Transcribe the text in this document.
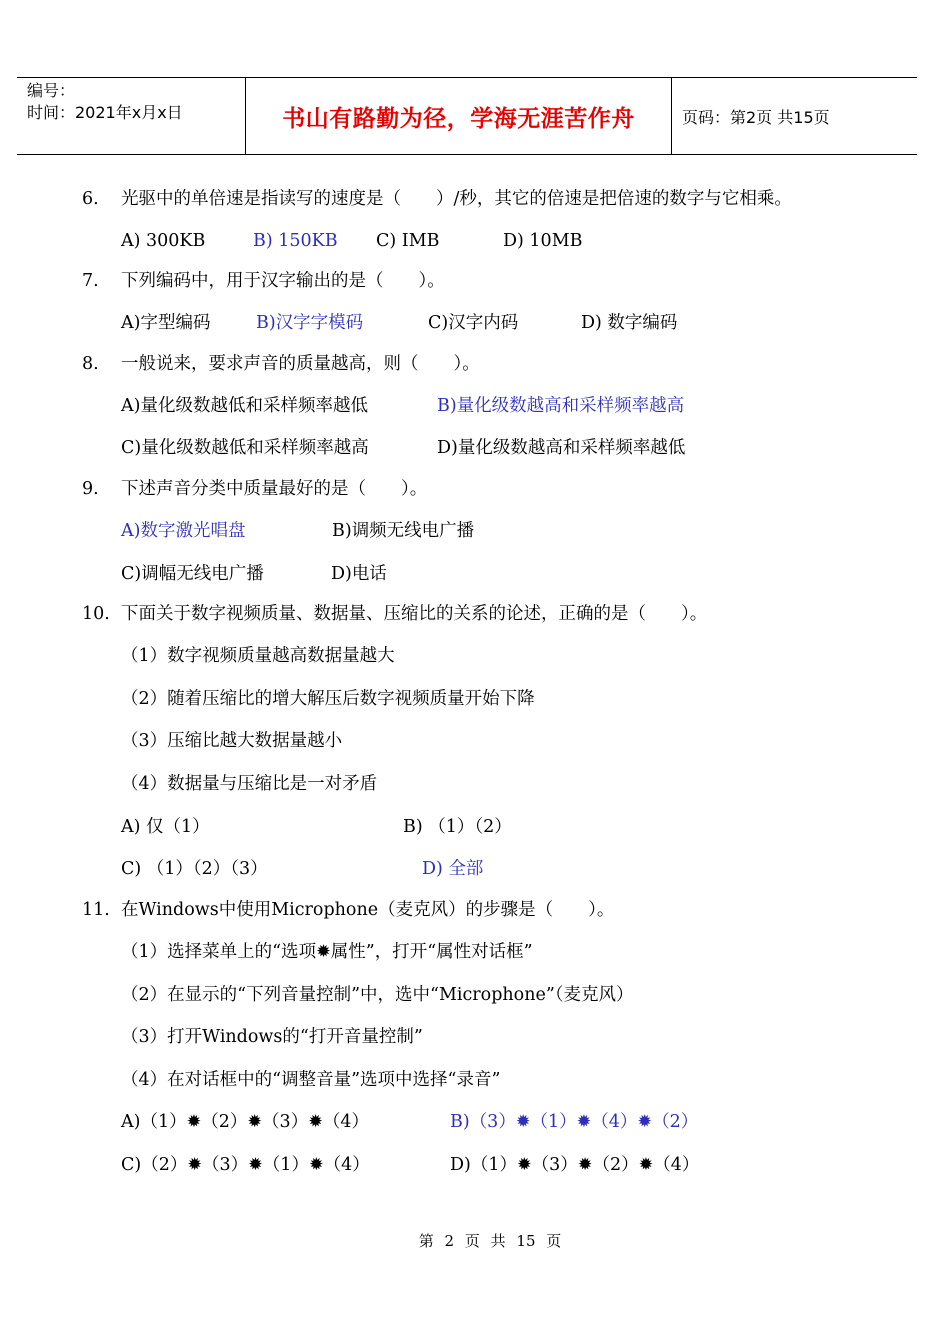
编号：
时间：2021年x月x日	书山有路勤为径，学海无涯苦作舟	页码：第2页 共15页
6. 光驱中的单倍速是指读写的速度是（　　）/秒，其它的倍速是把倍速的数字与它相乘。
A) 300KB	B) 150KB C) IMB	D) 10MB
7. 下列编码中，用于汉字输出的是（　　）。
A)字型编码	B)汉字字模码	C)汉字内码	D) 数字编码
8. 一般说来，要求声音的质量越高，则（　　）。
A)量化级数越低和采样频率越低	B)量化级数越高和采样频率越高
C)量化级数越低和采样频率越高	D)量化级数越高和采样频率越低
9. 下述声音分类中质量最好的是（　　）。
A)数字激光唱盘	B)调频无线电广播
C)调幅无线电广播	D)电话
10. 下面关于数字视频质量、数据量、压缩比的关系的论述，正确的是（　　）。
（1）数字视频质量越高数据量越大
（2）随着压缩比的增大解压后数字视频质量开始下降
（3）压缩比越大数据量越小
（4）数据量与压缩比是一对矛盾
A) 仅（1）	B) （1）（2）
C) （1）（2）（3）	D) 全部
11. 在Windows中使用Microphone（麦克风）的步骤是（　　）。
（1）选择菜单上的“选项✹属性”，打开“属性对话框”
（2）在显示的“下列音量控制”中，选中“Microphone”（麦克风）
（3）打开Windows的“打开音量控制”
（4）在对话框中的“调整音量”选项中选择“录音”
A)（1）✹（2）✹（3）✹（4）	B)（3）✹（1）✹（4）✹（2）
C)（2）✹（3）✹（1）✹（4）	D)（1）✹（3）✹（2）✹（4）
第 2 页 共 15 页
